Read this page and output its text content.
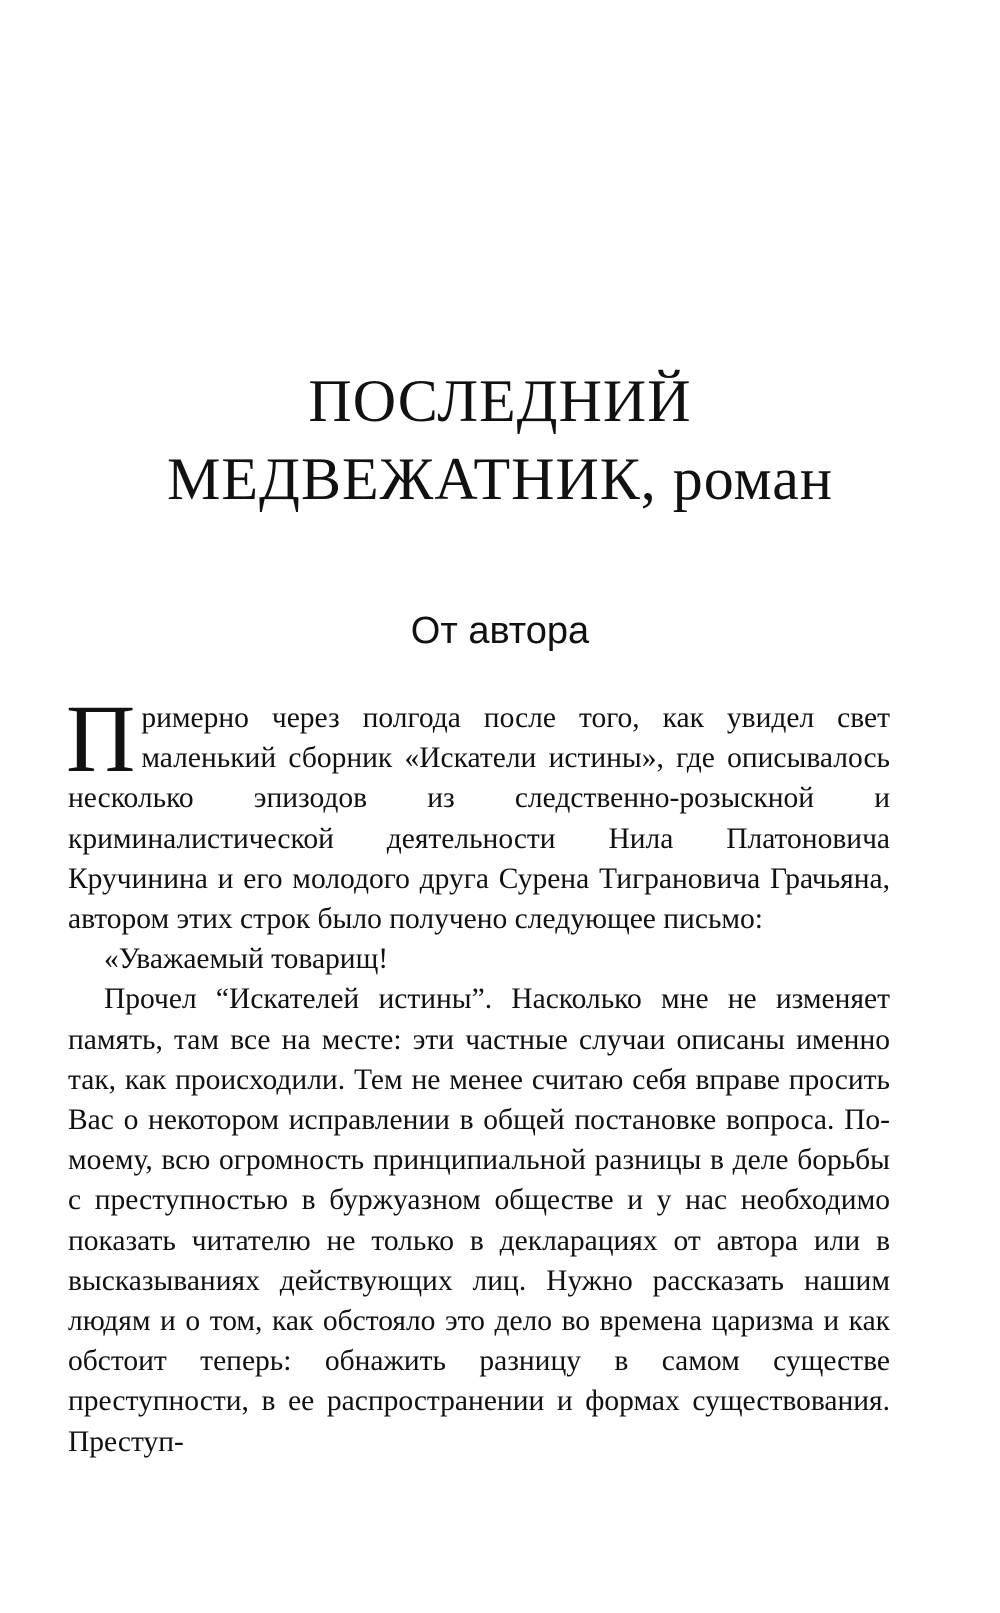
ПОСЛЕДНИЙ
МЕДВЕЖАТНИК, роман
От автора

Примерно через полгода после того, как увидел свет маленький сборник «Искатели истины», где описывалось несколько эпизодов из следственно-розыскной и криминалистической деятельности Нила Платоновича Кручинина и его молодого друга Сурена Тиграновича Грачьяна, автором этих строк было получено следующее письмо:

«Уважаемый товарищ!

Прочел “Искателей истины”. Насколько мне не изменяет память, там все на месте: эти частные случаи описаны именно так, как происходили. Тем не менее считаю себя вправе просить Вас о некотором исправлении в общей постановке вопроса. По-моему, всю огромность принципиальной разницы в деле борьбы с преступностью в буржуазном обществе и у нас необходимо показать читателю не только в декларациях от автора или в высказываниях действующих лиц. Нужно рассказать нашим людям и о том, как обстояло это дело во времена царизма и как обстоит теперь: обнажить разницу в самом существе преступности, в ее распространении и формах существования. Преступ-
